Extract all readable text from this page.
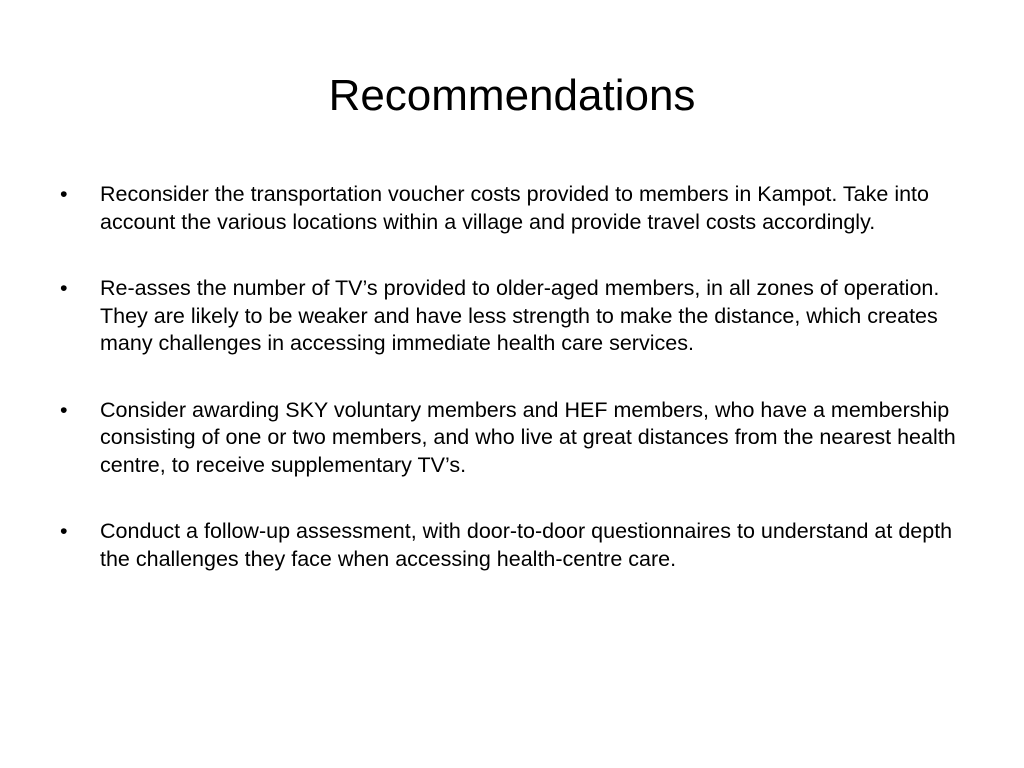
Recommendations
•	Reconsider the transportation voucher costs provided to members in Kampot. Take into account the various locations within a village and provide travel costs accordingly.
•	Re-asses the number of TV’s provided to older-aged members, in all zones of operation. They are likely to be weaker and have less strength to make the distance, which creates many challenges in accessing immediate health care services.
•	Consider awarding SKY voluntary members and HEF members, who have a membership consisting of one or two members, and who live at great distances from the nearest health centre, to receive supplementary TV’s.
•	Conduct a follow-up assessment, with door-to-door questionnaires to understand at depth the challenges they face when accessing health-centre care.
